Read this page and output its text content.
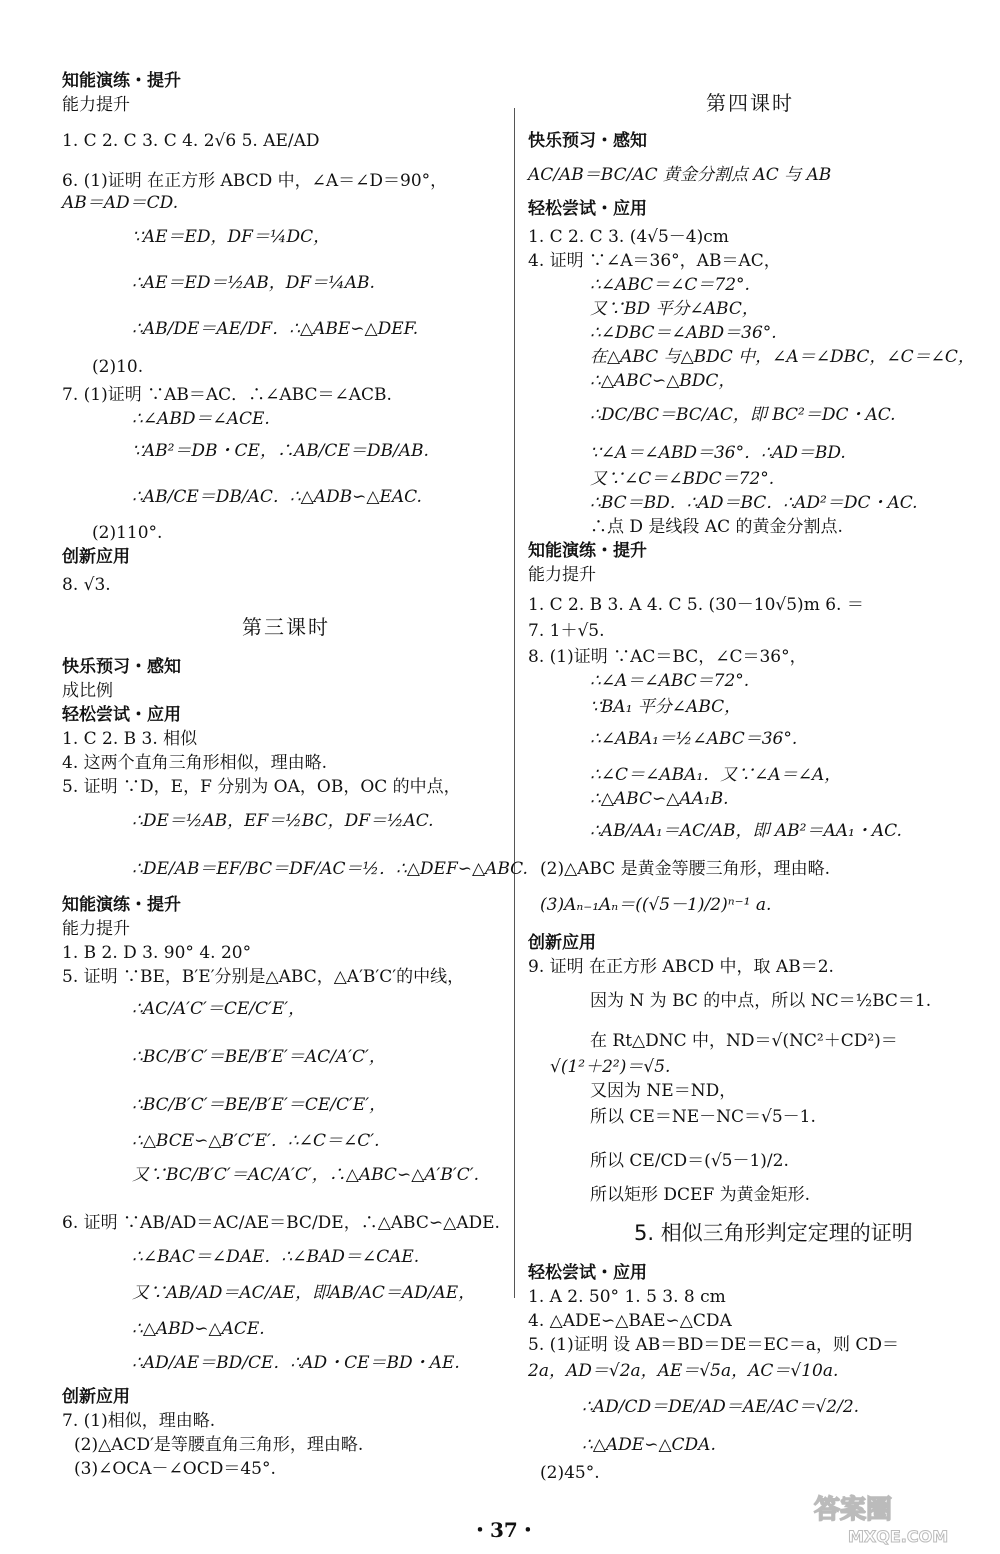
知能演练・提升
能力提升
1. C 2. C 3. C 4. 2√6 5. AE/AD
6. (1)证明 在正方形 ABCD 中，∠A＝∠D＝90°，
AB＝AD＝CD.
∵AE＝ED，DF＝¼DC，
∴AE＝ED＝½AB，DF＝¼AB.
∴AB/DE＝AE/DF．∴△ABE∽△DEF.
(2)10.
7. (1)证明 ∵AB＝AC．∴∠ABC＝∠ACB.
∴∠ABD＝∠ACE.
∵AB²＝DB・CE，∴AB/CE＝DB/AB.
∴AB/CE＝DB/AC．∴△ADB∽△EAC.
(2)110°.
创新应用
8. √3.
第三课时
快乐预习・感知
成比例
轻松尝试・应用
1. C 2. B 3. 相似
4. 这两个直角三角形相似，理由略.
5. 证明 ∵D，E，F 分别为 OA，OB，OC 的中点，
∴DE＝½AB，EF＝½BC，DF＝½AC.
∴DE/AB＝EF/BC＝DF/AC＝½．∴△DEF∽△ABC.
知能演练・提升
能力提升
1. B 2. D 3. 90° 4. 20°
5. 证明 ∵BE，B′E′分别是△ABC，△A′B′C′的中线，
∴AC/A′C′＝CE/C′E′，
∴BC/B′C′＝BE/B′E′＝AC/A′C′，
∴BC/B′C′＝BE/B′E′＝CE/C′E′，
∴△BCE∽△B′C′E′．∴∠C＝∠C′.
又∵BC/B′C′＝AC/A′C′，∴△ABC∽△A′B′C′.
6. 证明 ∵AB/AD＝AC/AE＝BC/DE，∴△ABC∽△ADE.
∴∠BAC＝∠DAE．∴∠BAD＝∠CAE.
又∵AB/AD＝AC/AE，即AB/AC＝AD/AE，
∴△ABD∽△ACE.
∴AD/AE＝BD/CE．∴AD・CE＝BD・AE.
创新应用
7. (1)相似，理由略.
(2)△ACD′是等腰直角三角形，理由略.
(3)∠OCA－∠OCD＝45°.
第四课时
快乐预习・感知
AC/AB＝BC/AC 黄金分割点 AC 与 AB
轻松尝试・应用
1. C 2. C 3. (4√5－4)cm
4. 证明 ∵∠A＝36°，AB＝AC，
∴∠ABC＝∠C＝72°.
又∵BD 平分∠ABC，
∴∠DBC＝∠ABD＝36°.
在△ABC 与△BDC 中，∠A＝∠DBC，∠C＝∠C，
∴△ABC∽△BDC，
∴DC/BC＝BC/AC，即 BC²＝DC・AC.
∵∠A＝∠ABD＝36°．∴AD＝BD.
又∵∠C＝∠BDC＝72°.
∴BC＝BD．∴AD＝BC．∴AD²＝DC・AC.
∴点 D 是线段 AC 的黄金分割点.
知能演练・提升
能力提升
1. C 2. B 3. A 4. C 5. (30－10√5)m 6. ＝
7. 1＋√5.
8. (1)证明 ∵AC＝BC，∠C＝36°，
∴∠A＝∠ABC＝72°.
∵BA₁ 平分∠ABC，
∴∠ABA₁＝½∠ABC＝36°.
∴∠C＝∠ABA₁．又∵∠A＝∠A，
∴△ABC∽△AA₁B.
∴AB/AA₁＝AC/AB，即 AB²＝AA₁・AC.
(2)△ABC 是黄金等腰三角形，理由略.
(3)Aₙ₋₁Aₙ＝((√5－1)/2)ⁿ⁻¹ a.
创新应用
9. 证明 在正方形 ABCD 中，取 AB＝2.
因为 N 为 BC 的中点，所以 NC＝½BC＝1.
在 Rt△DNC 中，ND＝√(NC²＋CD²)＝
√(1²＋2²)＝√5.
又因为 NE＝ND，
所以 CE＝NE－NC＝√5－1.
所以 CE/CD＝(√5－1)/2.
所以矩形 DCEF 为黄金矩形.
5. 相似三角形判定定理的证明
轻松尝试・应用
1. A 2. 50° 1. 5 3. 8 cm
4. △ADE∽△BAE∽△CDA
5. (1)证明 设 AB＝BD＝DE＝EC＝a，则 CD＝
2a，AD＝√2a，AE＝√5a，AC＝√10a.
∴AD/CD＝DE/AD＝AE/AC＝√2/2.
∴△ADE∽△CDA.
(2)45°.
・37・
答案圈
MXQE.COM
